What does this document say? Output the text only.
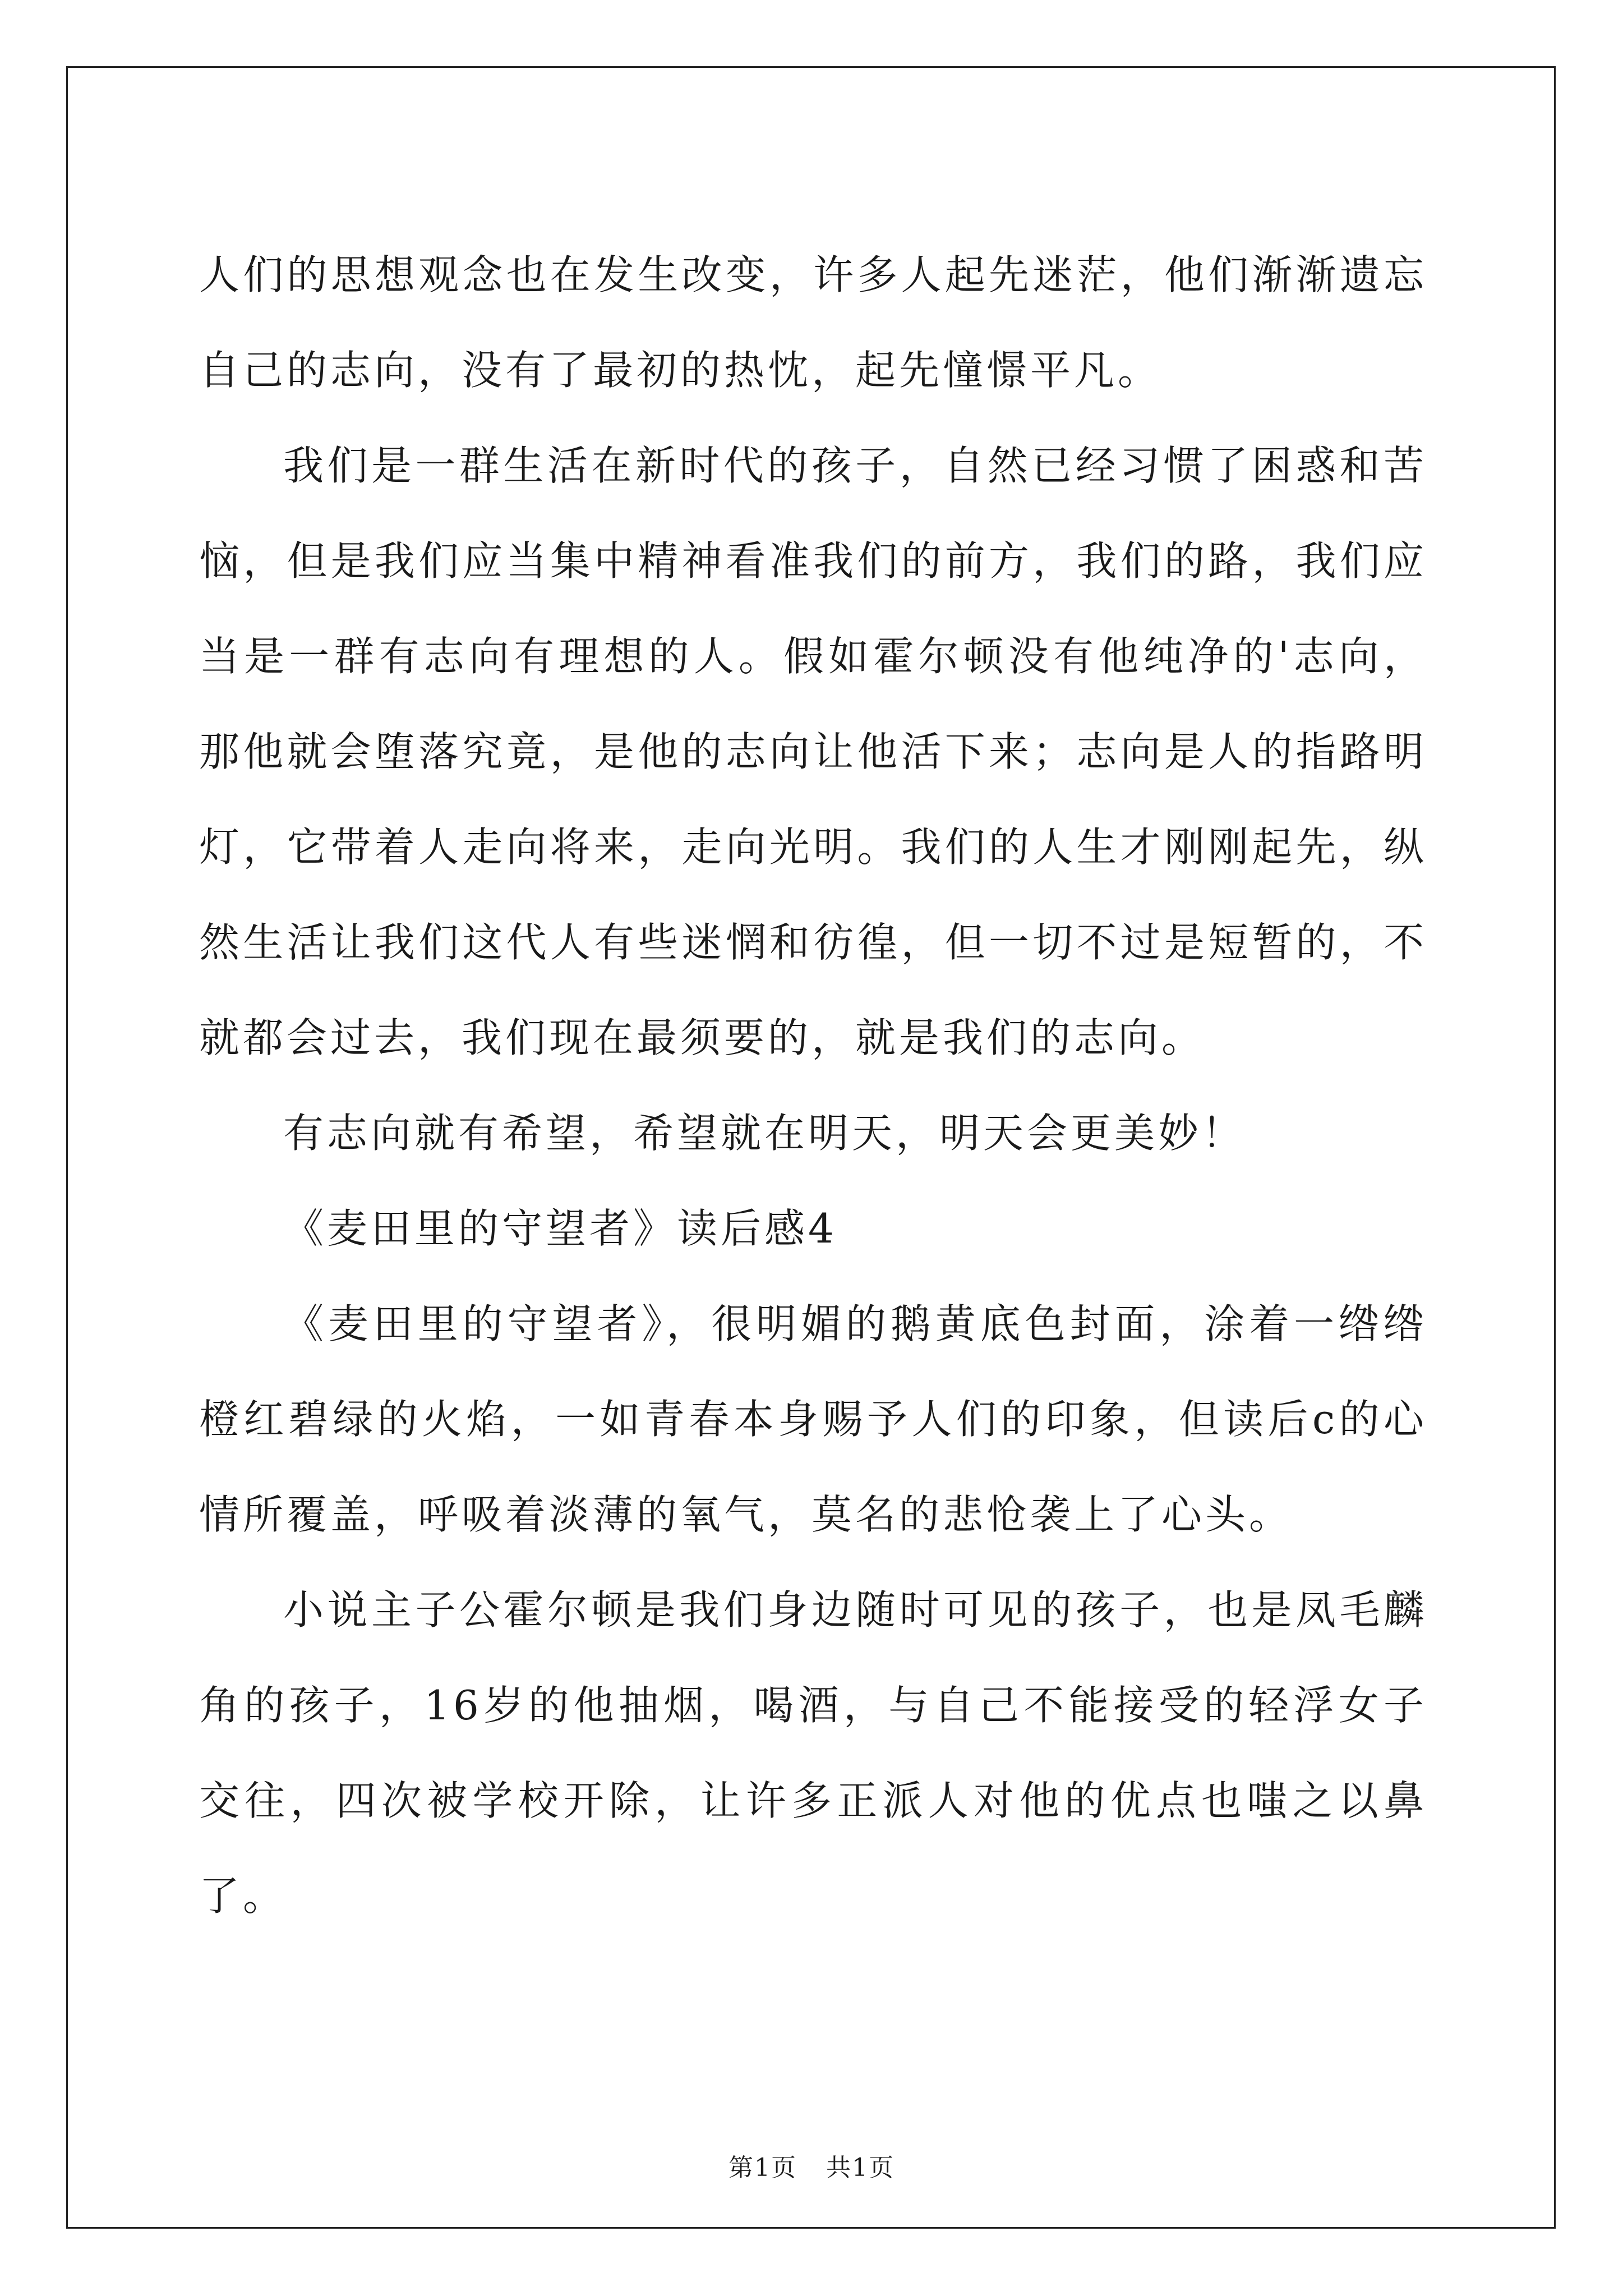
人们的思想观念也在发生改变，许多人起先迷茫，他们渐渐遗忘自己的志向，没有了最初的热忱，起先憧憬平凡。

我们是一群生活在新时代的孩子，自然已经习惯了困惑和苦恼，但是我们应当集中精神看准我们的前方，我们的路，我们应当是一群有志向有理想的人。假如霍尔顿没有他纯净的'志向，那他就会堕落究竟，是他的志向让他活下来；志向是人的指路明灯，它带着人走向将来，走向光明。我们的人生才刚刚起先，纵然生活让我们这代人有些迷惘和彷徨，但一切不过是短暂的，不就都会过去，我们现在最须要的，就是我们的志向。

有志向就有希望，希望就在明天，明天会更美妙！

《麦田里的守望者》读后感4

《麦田里的守望者》，很明媚的鹅黄底色封面，涂着一绺绺橙红碧绿的火焰，一如青春本身赐予人们的印象，但读后c的心情所覆盖，呼吸着淡薄的氧气，莫名的悲怆袭上了心头。

小说主子公霍尔顿是我们身边随时可见的孩子，也是凤毛麟角的孩子，16岁的他抽烟，喝酒，与自己不能接受的轻浮女子交往，四次被学校开除，让许多正派人对他的优点也嗤之以鼻了。

第1页 共1页
